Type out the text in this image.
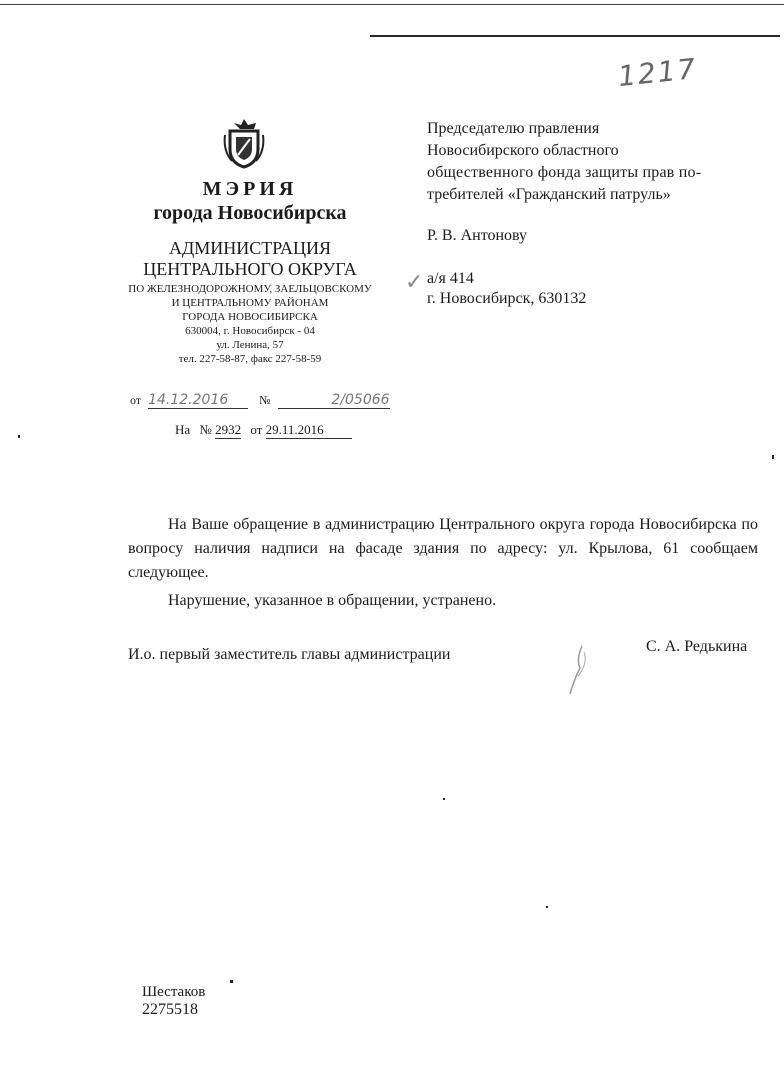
1217
МЭРИЯ
города Новосибирска
АДМИНИСТРАЦИЯ
ЦЕНТРАЛЬНОГО ОКРУГА
ПО ЖЕЛЕЗНОДОРОЖНОМУ, ЗАЕЛЬЦОВСКОМУ
И ЦЕНТРАЛЬНОМУ РАЙОНАМ
ГОРОДА НОВОСИБИРСКА
630004, г. Новосибирск - 04
ул. Ленина, 57
тел. 227-58-87, факс 227-58-59
от 14.12.2016	№	2/05066
На № 2932 от 29.11.2016
Председателю правления
Новосибирского областного
общественного фонда защиты прав по-
требителей «Гражданский патруль»
Р. В. Антонову
✓ а/я 414
г. Новосибирск, 630132

На Ваше обращение в администрацию Центрального округа города Новосибирска по вопросу наличия надписи на фасаде здания по адресу: ул. Крылова, 61 сообщаем следующее.

Нарушение, указанное в обращении, устранено.

И.о. первый заместитель главы администрации	С. А. Редькина
Шестаков
2275518
